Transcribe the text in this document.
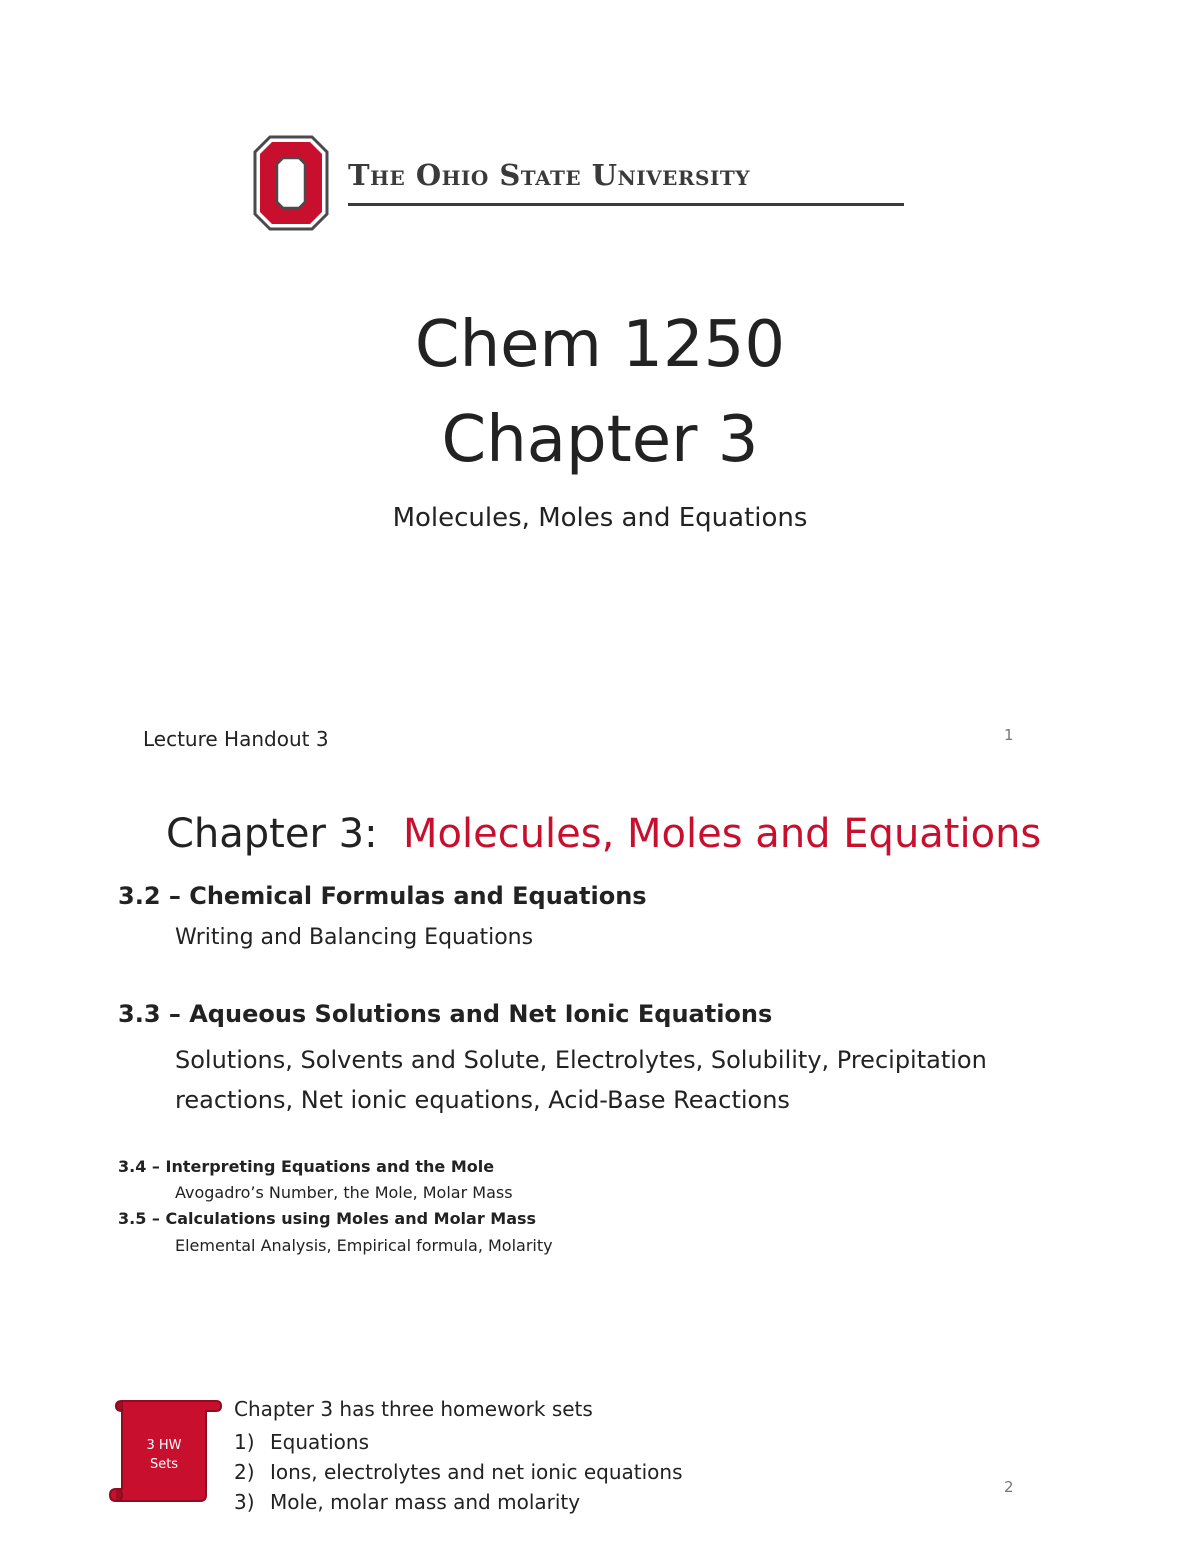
The Ohio State University
Chem 1250
Chapter 3
Molecules, Moles and Equations
Lecture Handout 3	1
Chapter 3: Molecules, Moles and Equations
3.2 – Chemical Formulas and Equations
Writing and Balancing Equations
3.3 – Aqueous Solutions and Net Ionic Equations
Solutions, Solvents and Solute, Electrolytes, Solubility, Precipitation reactions, Net ionic equations, Acid-Base Reactions
3.4 – Interpreting Equations and the Mole
Avogadro’s Number, the Mole, Molar Mass
3.5 – Calculations using Moles and Molar Mass
Elemental Analysis, Empirical formula, Molarity
3 HW
Sets
Chapter 3 has three homework sets
1) Equations
2) Ions, electrolytes and net ionic equations
3) Mole, molar mass and molarity
2
